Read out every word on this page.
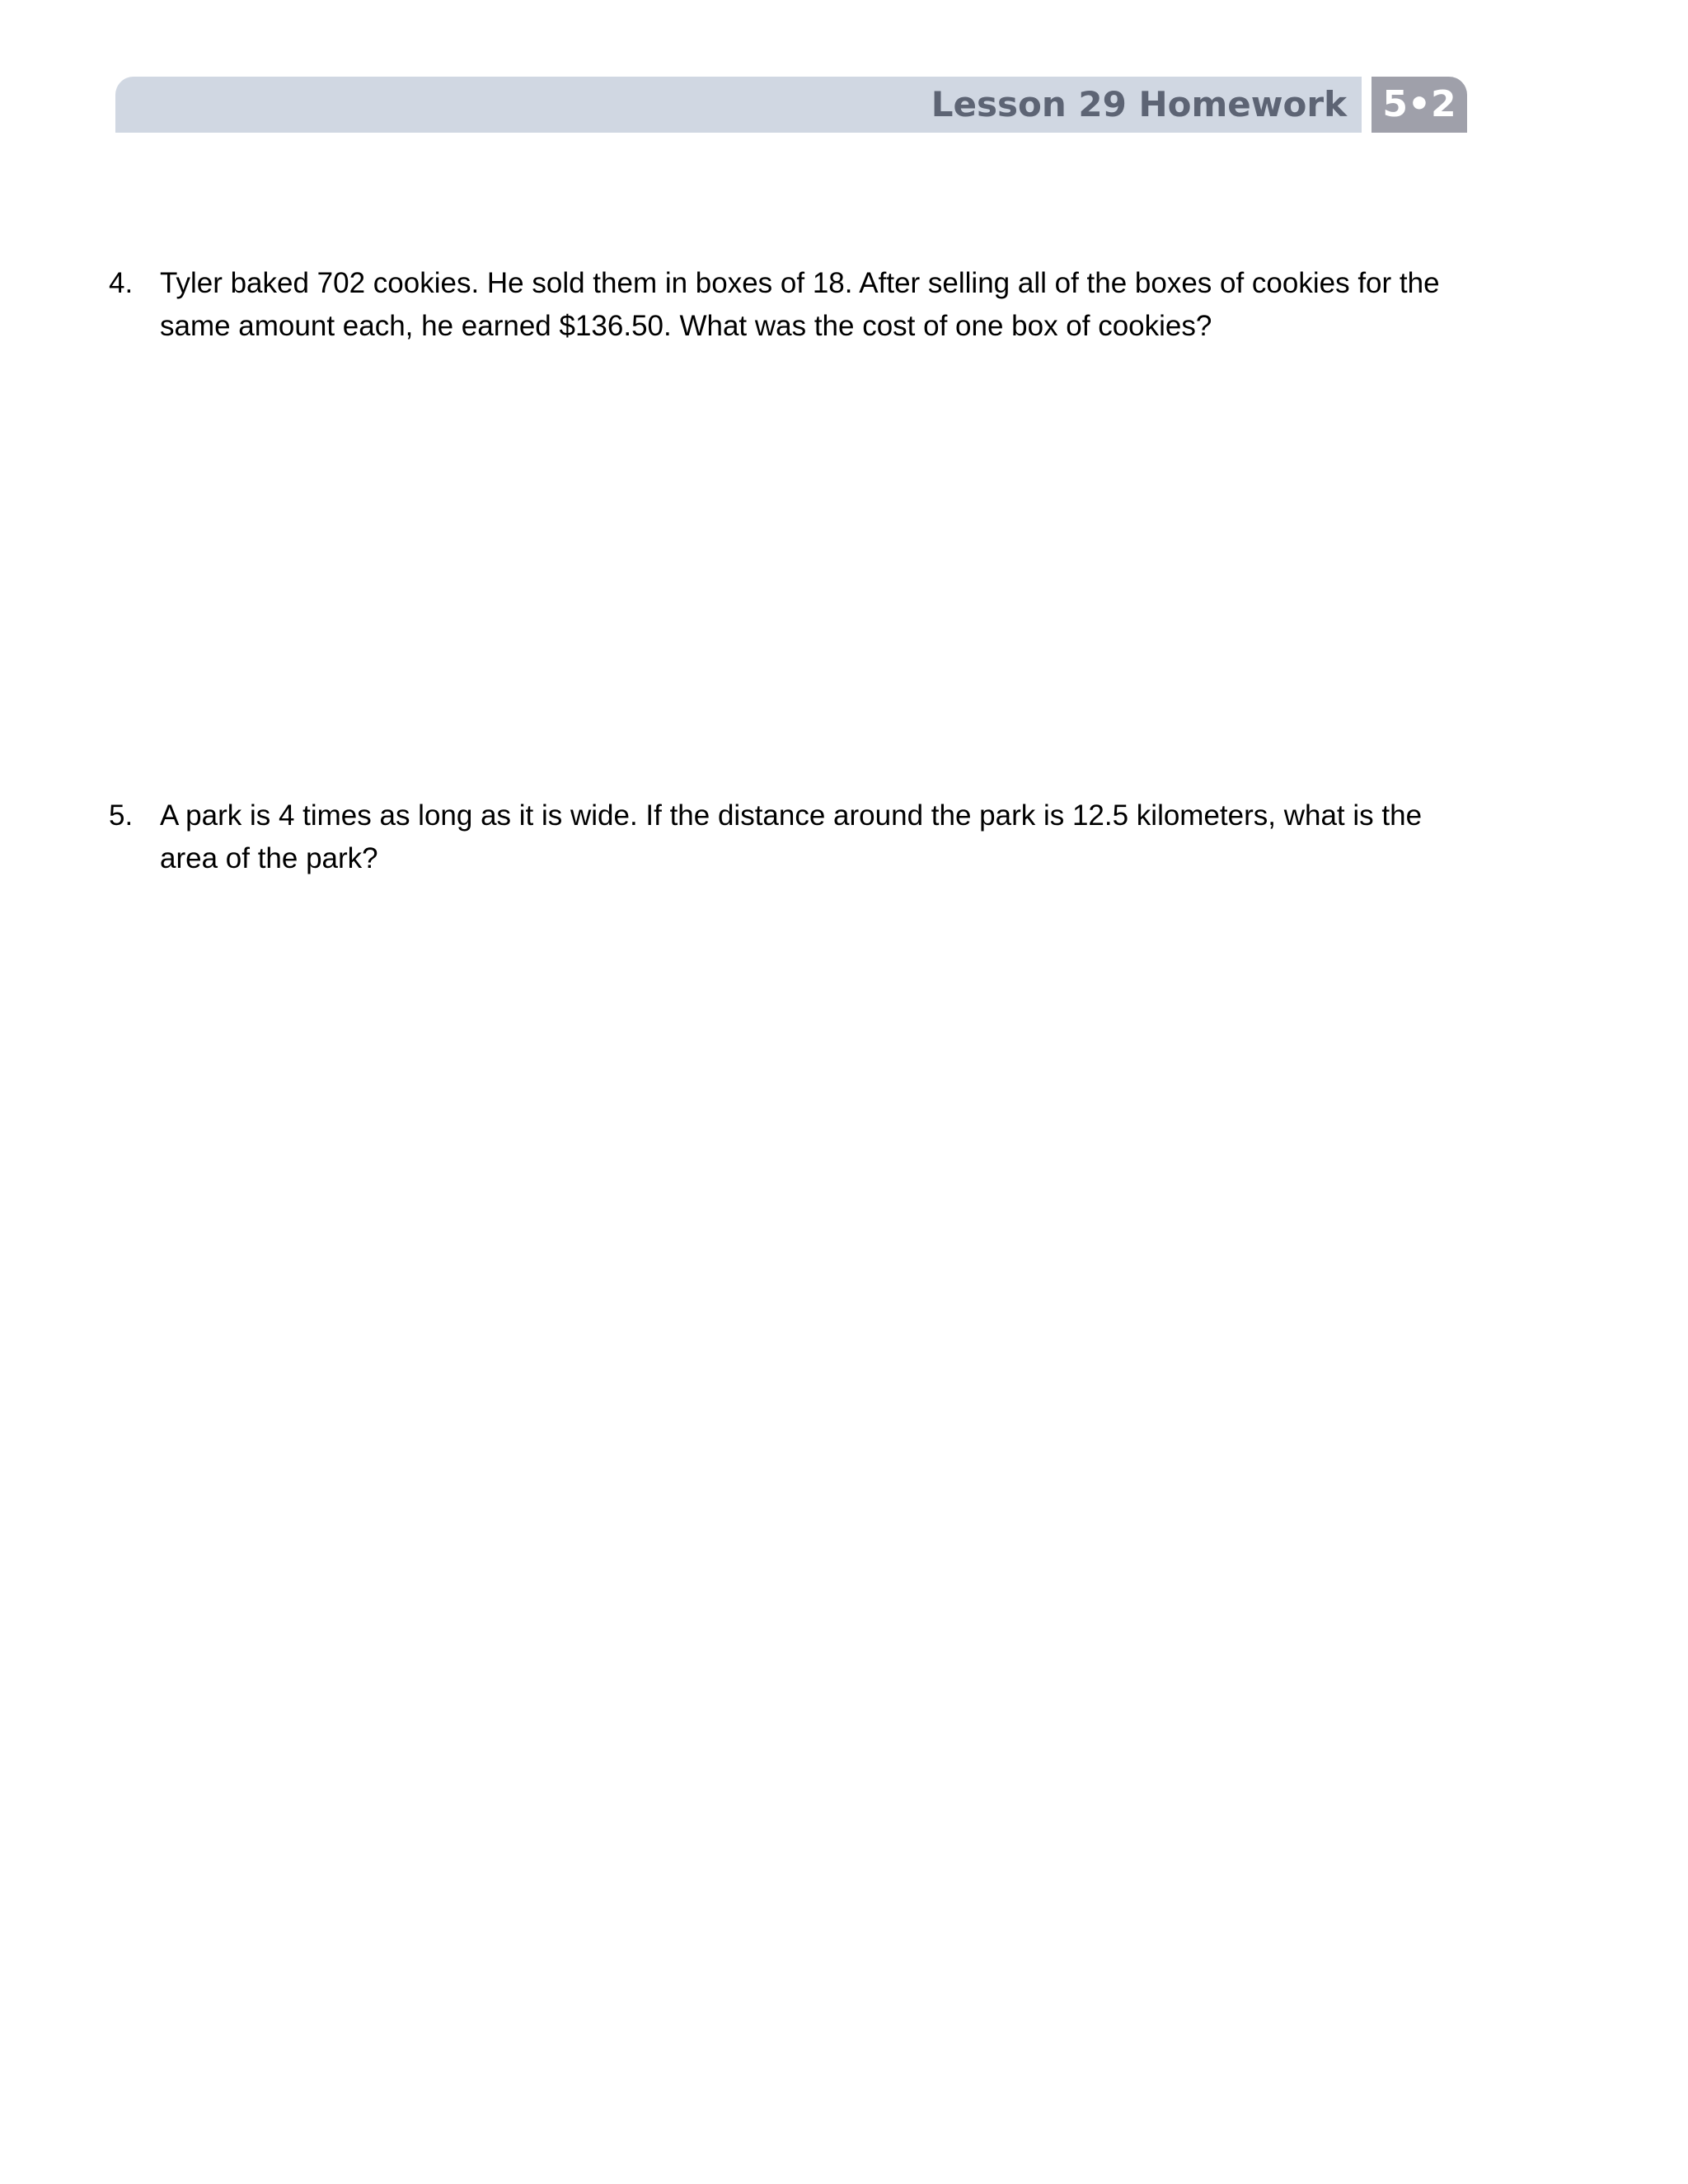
Lesson 29 Homework 5•2
4. Tyler baked 702 cookies. He sold them in boxes of 18. After selling all of the boxes of cookies for the same amount each, he earned $136.50. What was the cost of one box of cookies?
5. A park is 4 times as long as it is wide. If the distance around the park is 12.5 kilometers, what is the area of the park?
